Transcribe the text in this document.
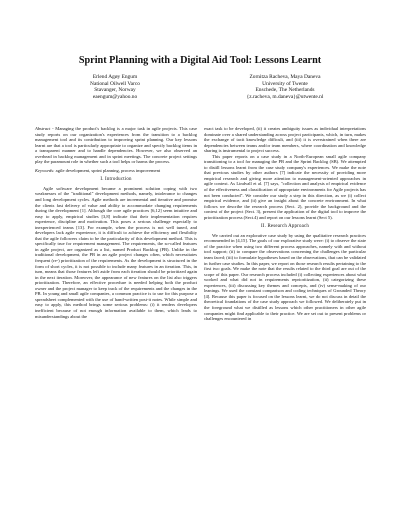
Sprint Planning with a Digital Aid Tool: Lessons Learnt
Erlend Agøy Engum
National Oilwell Varco
Stavanger, Norway
eaengum@yahoo.no
Zornitza Racheva, Maya Daneva
University of Twente
Enschede, The Netherlands
{z.racheva, m.daneva}@utwente.nl

Abstract - Managing the product's backlog is a major task in agile projects. This case study reports on our organization's experiences from the transition to a backlog management tool and its contribution to improving sprint planning. Our key lessons learnt are that a tool is particularly appropriate to organize and specify backlog items in a transparent manner and to handle dependencies. However, we also observed an overhead in backlog management and in sprint meetings. The concrete project settings play the paramount role in whether such a tool helps or harms the process.

Keywords: agile development, sprint planning, process improvement

I. Introduction

Agile software development became a prominent solution coping with two weaknesses of the "traditional" development methods, namely, intolerance to changes and long development cycles. Agile methods are incremental and iterative and promise the clients fast delivery of value and ability to accommodate changing requirements during the development [1]. Although the core agile practices [6,12] seem intuitive and easy to apply, empirical studies [3,8] indicate that their implementation requires experience, discipline and motivation. This poses a serious challenge especially to inexperienced teams [13]. For example, when the process is not well tuned, and developers lack agile experience, it is difficult to achieve the efficiency and flexibility that the agile followers claim to be the particularity of this development method. This is specifically true for requirement management. The requirements, the so-called features in agile project, are organized as a list, named Product Backlog (PB). Unlike in the traditional development, the PB in an agile project changes often, which necessitates frequent (re-) prioritization of the requirements. As the development is structured in the form of short cycles, it is not possible to include many features in an iteration. This, in turn, means that those features left aside from each iteration should be prioritized again in the next iteration. Moreover, the appearance of new features on the list also triggers prioritization. Therefore, an effective procedure is needed helping both the product owner and the project manager to keep track of the requirements and the changes in the PB. In young and small agile companies, a common practice is to use for this purpose a spreadsheet complemented with the use of hand-written post-it notes. While simple and easy to apply, this method brings some serious problems: (i) it renders developers inefficient because of not enough information available to them, which leads to misunderstandings about the

exact task to be developed, (ii) it creates ambiguity issues as individual interpretations dominate over a shared understanding across project participants, which, in turn, makes the exchange of tacit knowledge difficult, and (iii) it is overstrained when there are dependencies between teams and/or team members, where coordination and knowledge sharing is instrumental to project success.

This paper reports on a case study in a North-European small agile company transitioning to a tool for managing the PB and the Sprint Backlog (SB). We attempted to distill lessons learnt from the case study company's experiences. We make the note that previous studies by other authors [7] indicate the necessity of providing more empirical research and giving more attention to management-oriented approaches in agile context. As Lindvall et al. [7] says, "collection and analysis of empirical evidence of the effectiveness and classification of appropriate environments for Agile projects has not been conducted". We consider our study a step in this direction, as we (i) collect empirical evidence, and (ii) give an insight about the concrete environment. In what follows we describe the research process (Sect. 2), provide the background and the context of the project (Sect. 3), present the application of the digital tool to improve the prioritization process (Sect.4) and report on our lessons learnt (Sect 5).

II. Research Approach

We carried out an explorative case study by using the qualitative research practices recommended in [4,15]. The goals of our explorative study were: (i) to observe the state of the practice when using two different process approaches, namely with and without tool support; (ii) to compare the observations concerning the challenges the particular team faced; (iii) to formulate hypotheses based on the observations, that can be validated in further case studies. In this paper, we report on those research results pertaining to the first two goals. We make the note that the results related to the third goal are out of the scope of this paper. Our research process included (i) collecting experiences about what worked and what did not in requirements reprioritization, (ii) categorizing these experiences, (iii) discussing key themes and concepts, and (iv) sense-making of our leanings. We used the constant comparison and coding techniques of Grounded Theory [4]. Because this paper is focused on the lessons learnt, we do not discuss in detail the theoretical foundations of the case study approach we followed. We deliberately put in the foreground what we distilled as lessons which other practitioners in other agile companies might find applicable to their practice. We are set out to present problems or challenges encountered in
